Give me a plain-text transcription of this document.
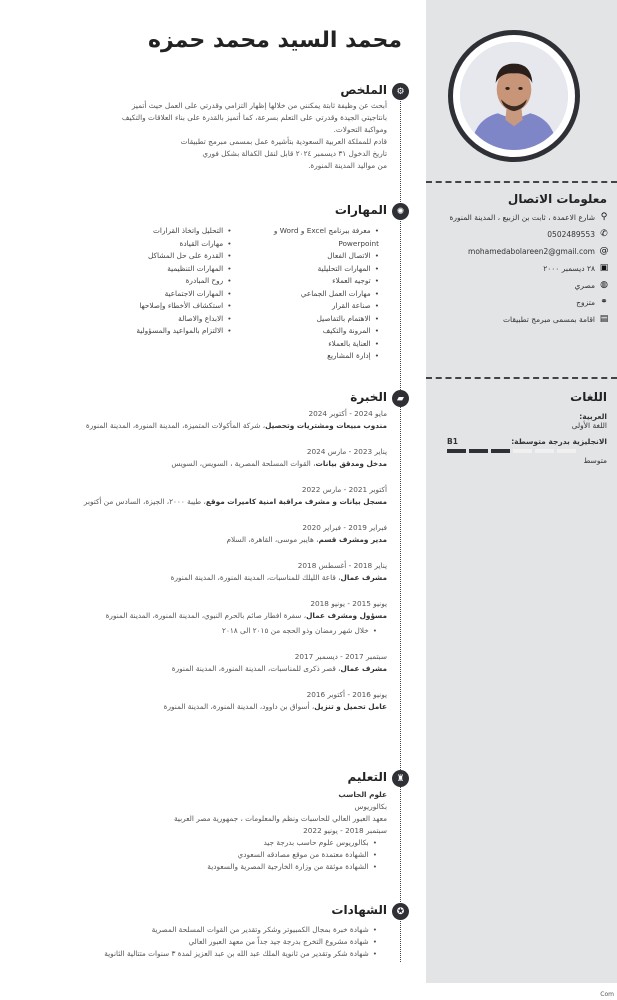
معلومات الاتصال
⚲
شارع الاعمدة ، ثابت بن الزبيع ، المدينة المنورة
✆
0502489553
@
mohamedabolareen2@gmail.com
▣
٢٨ ديسمبر ٢٠٠٠
◍
مصري
⚭
متزوج
▤
اقامة بمسمى مبرمج تطبيقات
اللغات
العربية:
اللغة الأولى
الانجليزية بدرجة متوسطة:
B1
متوسط
محمد السيد محمد حمزه
⚙
الملخص
أبحث عن وظيفة ثابتة يمكنني من خلالها إظهار التزامي وقدرتي على العمل حيث أتميز
بانتاجيتي الجيدة وقدرتي على التعلم بسرعة، كما أتميز بالقدرة على بناء العلاقات والتكيف
ومواكبة التحولات.
قادم للمملكة العربية السعودية بتأشيرة عمل بمسمى مبرمج تطبيقات
تاريخ الدخول ٣١ ديسمبر ٢٠٢٤ قابل لنقل الكفالة بشكل فوري
من مواليد المدينة المنورة.
✺
المهارات
• معرفة ببرنامج Excel و Word و Powerpoint
• الاتصال الفعال
• المهارات التحليلية
• توجيه العملاء
• مهارات العمل الجماعي
• صناعة القرار
• الاهتمام بالتفاصيل
• المرونة والتكيف
• العناية بالعملاء
• إدارة المشاريع
• التحليل واتخاذ القرارات
• مهارات القيادة
• القدرة على حل المشاكل
• المهارات التنظيمية
• روح المبادرة
• المهارات الاجتماعية
• استكشاف الأخطاء وإصلاحها
• الابداع والاصالة
• الالتزام بالمواعيد والمسؤولية
▰
الخبرة
مايو 2024 - أكتوبر 2024
مندوب مبيعات ومشتريات وتحصيل، شركة المأكولات المتميزة، المدينة المنورة، المدينة المنورة
يناير 2023 - مارس 2024
مدخل ومدقق بيانات، القوات المسلحة المصرية ، السويس، السويس
أكتوبر 2021 - مارس 2022
مسجل بيانات و مشرف مراقبة امنية كاميرات موقع، طيبة ٢٠٠٠، الجيزة، السادس من أكتوبر
فبراير 2019 - فبراير 2020
مدير ومشرف قسم، هايبر موسى، القاهرة، السلام
يناير 2018 - أغسطس 2018
مشرف عمال، قاعة الليلك للمناسبات، المدينة المنورة، المدينة المنورة
يونيو 2015 - يونيو 2018
مسؤول ومشرف عمال، سفرة افطار صائم بالحرم النبوي، المدينة المنورة، المدينة المنورة
• خلال شهر رمضان وذو الحجه من ٢٠١٥ الى ٢٠١٨
سبتمبر 2017 - ديسمبر 2017
مشرف عمال، قصر ذكرى للمناسبات، المدينة المنورة، المدينة المنورة
يونيو 2016 - أكتوبر 2016
عامل تحميل و تنزيل، أسواق بن داوود، المدينة المنورة، المدينة المنورة
♜
التعليم
علوم الحاسب
بكالوريوس
معهد العبور العالي للحاسبات ونظم والمعلومات ، جمهورية مصر العربية
سبتمبر 2018 - يونيو 2022
• بكالوريوس علوم حاسب بدرجة جيد
• الشهادة معتمدة من موقع مصادقه السعودي
• الشهادة موثقة من وزارة الخارجية المصرية والسعودية
✪
الشهادات
• شهادة خبرة بمجال الكمبيوتر وشكر وتقدير من القوات المسلحة المصرية
• شهادة مشروع التخرج بدرجة جيد جداً من معهد العبور العالي
• شهادة شكر وتقدير من ثانوية الملك عبد الله بن عبد العزيز لمدة ٣ سنوات متتالية الثانوية
Com
